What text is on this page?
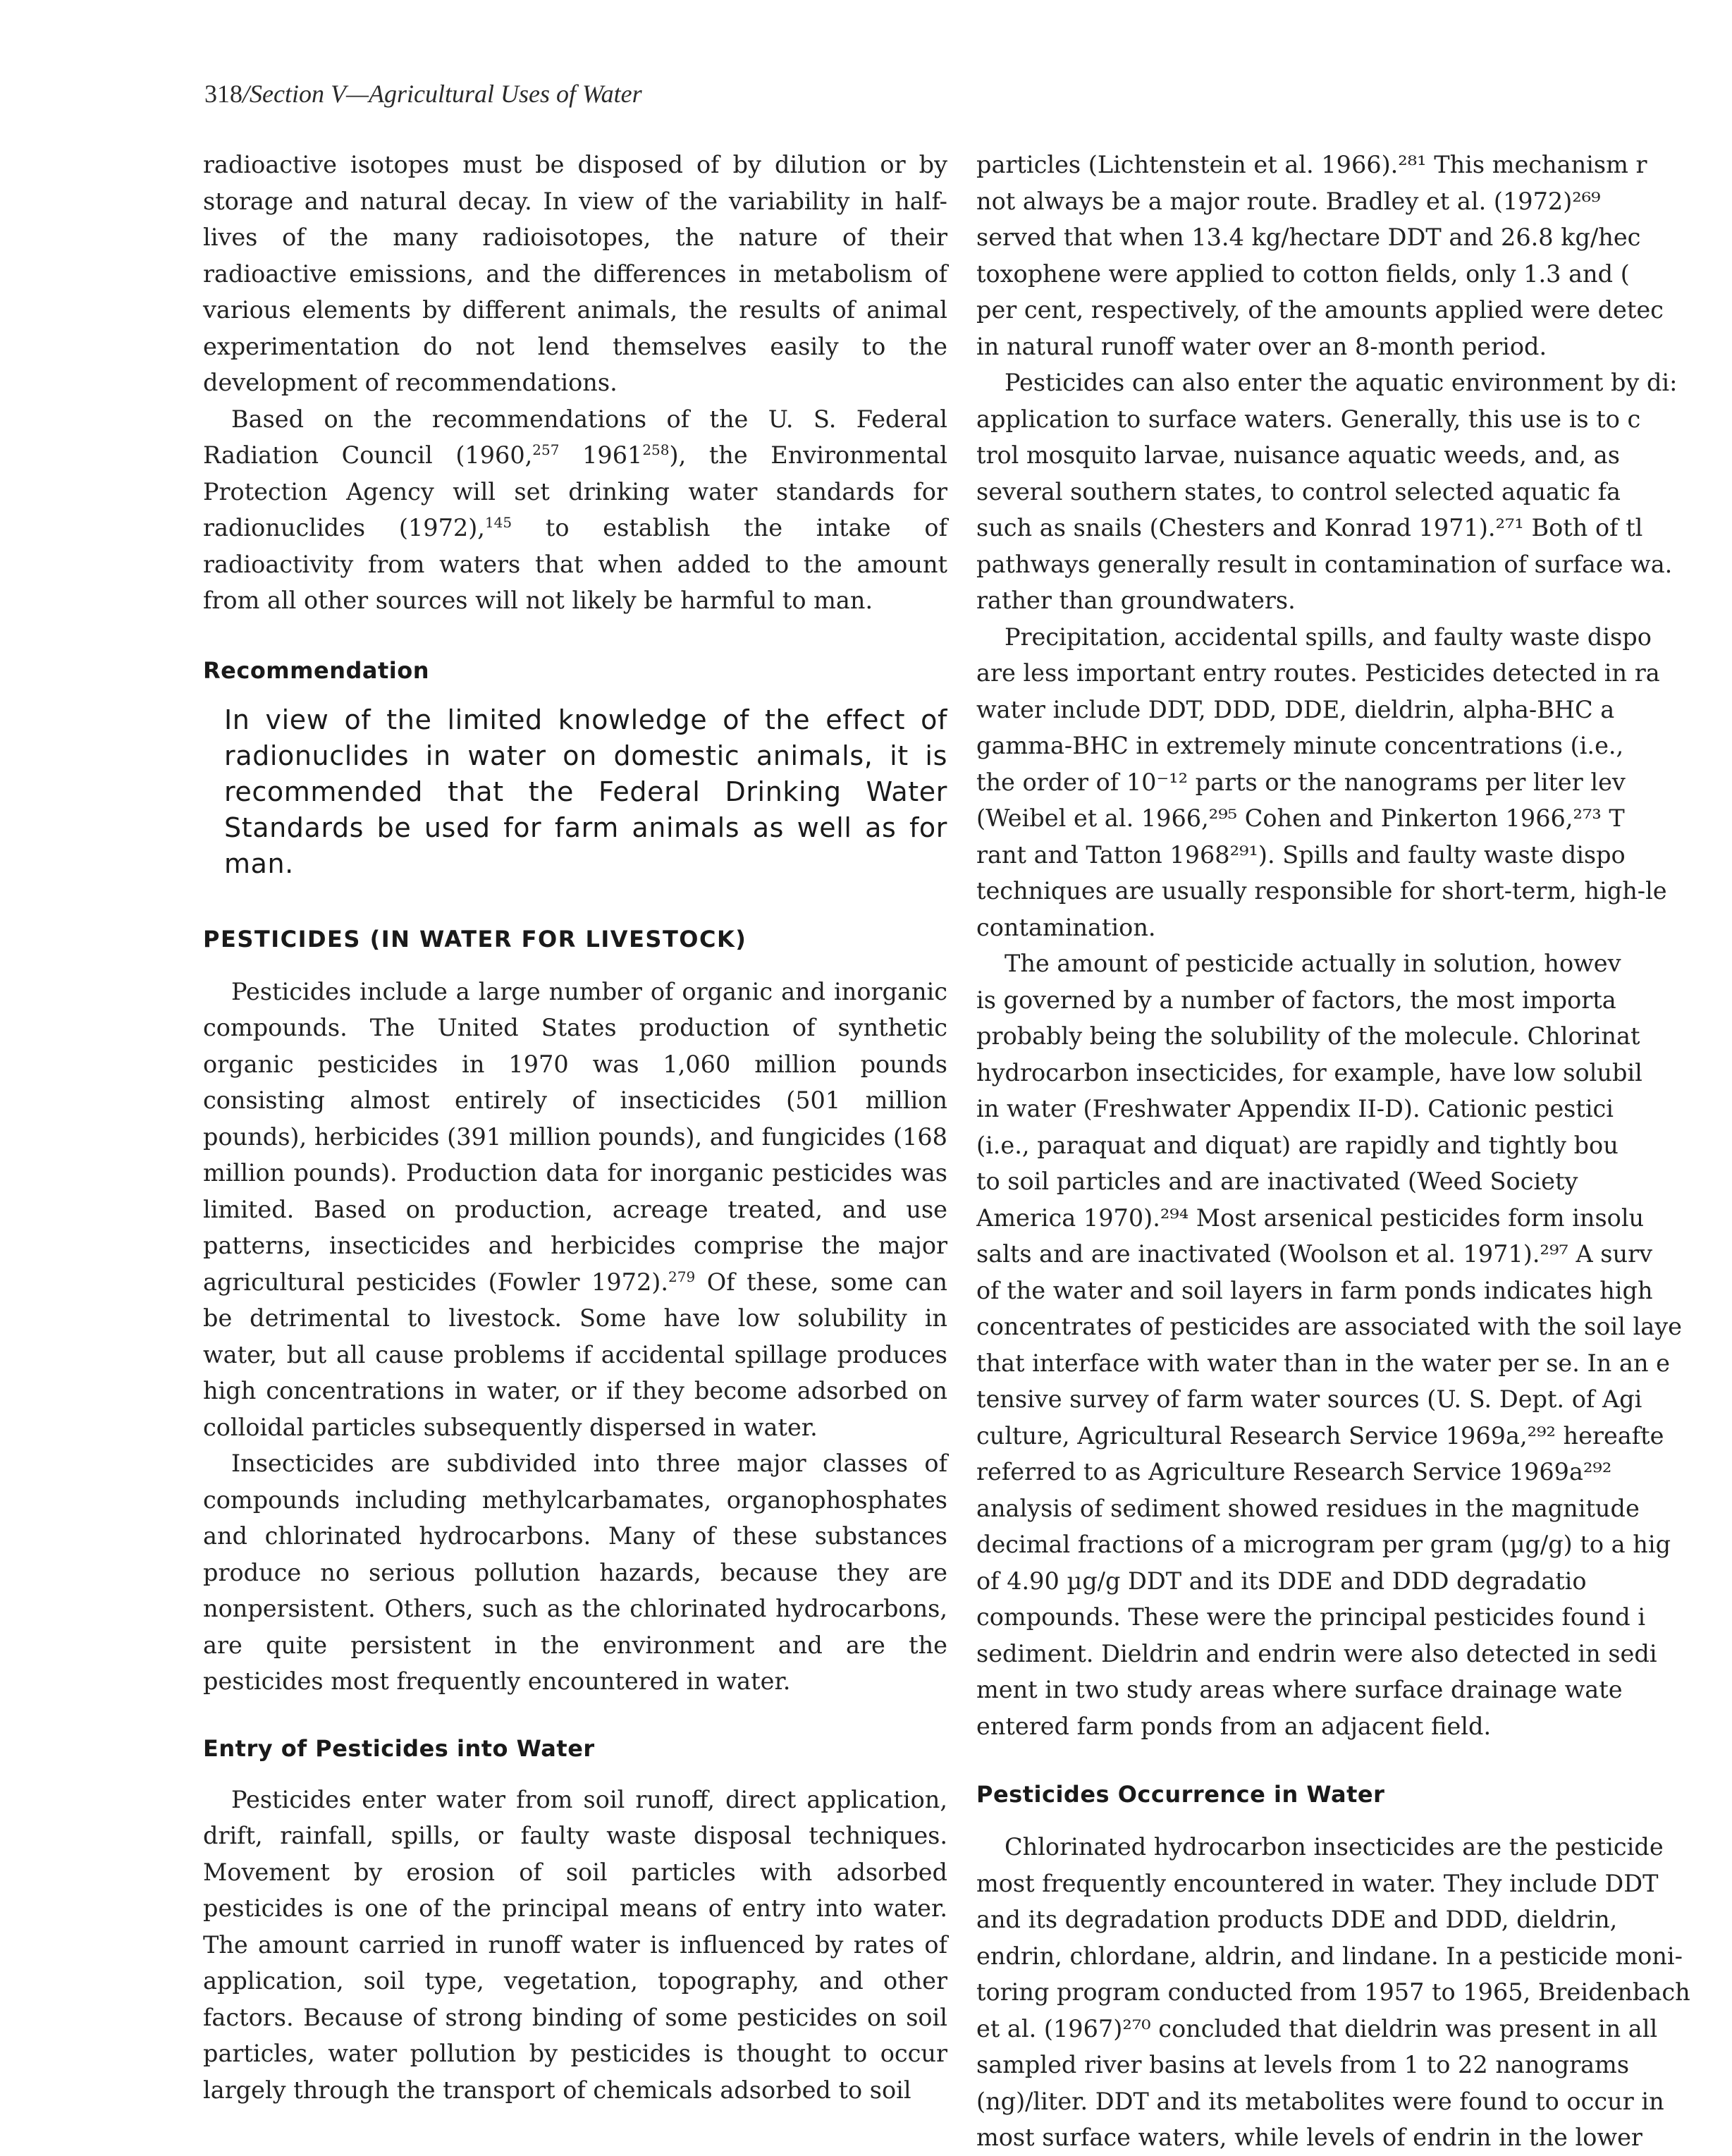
318/Section V—Agricultural Uses of Water

radioactive isotopes must be disposed of by dilution or by storage and natural decay. In view of the variability in half-lives of the many radioisotopes, the nature of their radioactive emissions, and the differences in metabolism of various elements by different animals, the results of animal experimentation do not lend themselves easily to the development of recommendations.

Based on the recommendations of the U. S. Federal Radiation Council (1960,$^{257}$ 1961$^{258}$), the Environmental Protection Agency will set drinking water standards for radionuclides (1972),$^{145}$ to establish the intake of radioactivity from waters that when added to the amount from all other sources will not likely be harmful to man.

Recommendation

In view of the limited knowledge of the effect of radionuclides in water on domestic animals, it is recommended that the Federal Drinking Water Standards be used for farm animals as well as for man.

PESTICIDES (IN WATER FOR LIVESTOCK)

Pesticides include a large number of organic and inorganic compounds. The United States production of synthetic organic pesticides in 1970 was 1,060 million pounds consisting almost entirely of insecticides (501 million pounds), herbicides (391 million pounds), and fungicides (168 million pounds). Production data for inorganic pesticides was limited. Based on production, acreage treated, and use patterns, insecticides and herbicides comprise the major agricultural pesticides (Fowler 1972).$^{279}$ Of these, some can be detrimental to livestock. Some have low solubility in water, but all cause problems if accidental spillage produces high concentrations in water, or if they become adsorbed on colloidal particles subsequently dispersed in water.

Insecticides are subdivided into three major classes of compounds including methylcarbamates, organophosphates and chlorinated hydrocarbons. Many of these substances produce no serious pollution hazards, because they are nonpersistent. Others, such as the chlorinated hydrocarbons, are quite persistent in the environment and are the pesticides most frequently encountered in water.

Entry of Pesticides into Water

Pesticides enter water from soil runoff, direct application, drift, rainfall, spills, or faulty waste disposal techniques. Movement by erosion of soil particles with adsorbed pesticides is one of the principal means of entry into water. The amount carried in runoff water is influenced by rates of application, soil type, vegetation, topography, and other factors. Because of strong binding of some pesticides on soil particles, water pollution by pesticides is thought to occur largely through the transport of chemicals adsorbed to soil

particles (Lichtenstein et al. 1966).²⁸¹ This mechanism r

not always be a major route. Bradley et al. (1972)²⁶⁹

served that when 13.4 kg/hectare DDT and 26.8 kg/hec

toxophene were applied to cotton fields, only 1.3 and (

per cent, respectively, of the amounts applied were detec

in natural runoff water over an 8-month period.

Pesticides can also enter the aquatic environment by di:

application to surface waters. Generally, this use is to c

trol mosquito larvae, nuisance aquatic weeds, and, as

several southern states, to control selected aquatic fa

such as snails (Chesters and Konrad 1971).²⁷¹ Both of tl

pathways generally result in contamination of surface wa.

rather than groundwaters.

Precipitation, accidental spills, and faulty waste dispo

are less important entry routes. Pesticides detected in ra

water include DDT, DDD, DDE, dieldrin, alpha-BHC a

gamma-BHC in extremely minute concentrations (i.e.,

the order of 10⁻¹² parts or the nanograms per liter lev

(Weibel et al. 1966,²⁹⁵ Cohen and Pinkerton 1966,²⁷³ T

rant and Tatton 1968²⁹¹). Spills and faulty waste dispo

techniques are usually responsible for short-term, high-le

contamination.

The amount of pesticide actually in solution, howev

is governed by a number of factors, the most importa

probably being the solubility of the molecule. Chlorinat

hydrocarbon insecticides, for example, have low solubil

in water (Freshwater Appendix II-D). Cationic pestici

(i.e., paraquat and diquat) are rapidly and tightly bou

to soil particles and are inactivated (Weed Society

America 1970).²⁹⁴ Most arsenical pesticides form insolu

salts and are inactivated (Woolson et al. 1971).²⁹⁷ A surv

of the water and soil layers in farm ponds indicates high

concentrates of pesticides are associated with the soil laye

that interface with water than in the water per se. In an e

tensive survey of farm water sources (U. S. Dept. of Agi

culture, Agricultural Research Service 1969a,²⁹² hereafte

referred to as Agriculture Research Service 1969a²⁹²

analysis of sediment showed residues in the magnitude

decimal fractions of a microgram per gram (µg/g) to a hig

of 4.90 µg/g DDT and its DDE and DDD degradatio

compounds. These were the principal pesticides found i

sediment. Dieldrin and endrin were also detected in sedi

ment in two study areas where surface drainage wate

entered farm ponds from an adjacent field.

Pesticides Occurrence in Water

Chlorinated hydrocarbon insecticides are the pesticide

most frequently encountered in water. They include DDT

and its degradation products DDE and DDD, dieldrin,

endrin, chlordane, aldrin, and lindane. In a pesticide moni-

toring program conducted from 1957 to 1965, Breidenbach

et al. (1967)²⁷⁰ concluded that dieldrin was present in all

sampled river basins at levels from 1 to 22 nanograms

(ng)/liter. DDT and its metabolites were found to occur in

most surface waters, while levels of endrin in the lower
